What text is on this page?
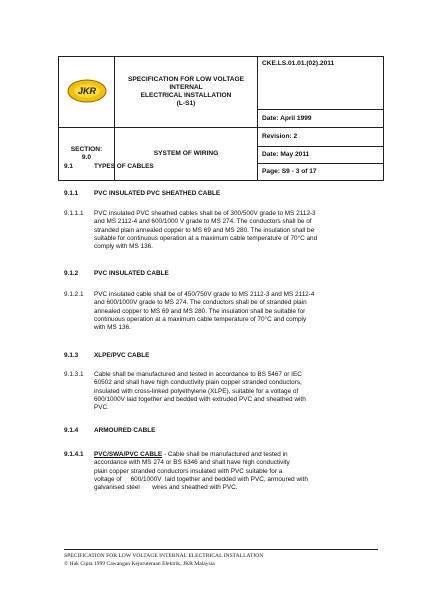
JKR	SPECIFICATION FOR LOW VOLTAGE
INTERNAL
ELECTRICAL INSTALLATION
(L-S1)	CKE.LS.01.01.(02).2011

		Date: April 1999

SECTION:
9.0	SYSTEM OF WIRING	Revision: 2
		Date: May 2011
		Page: S9 - 3 of 17
9.1	TYPES OF CABLES
9.1.1 PVC INSULATED PVC SHEATHED CABLE
9.1.1.1 PVC insulated PVC sheathed cables shall be of 300/500V grade to MS 2112-3
and MS 2112-4 and 600/1000 V grade to MS 274. The conductors shall be of
stranded plain annealed copper to MS 69 and MS 280. The insulation shall be
suitable for continuous operation at a maximum cable temperature of 70°C and
comply with MS 136.
9.1.2 PVC INSULATED CABLE
9.1.2.1 PVC insulated cable shall be of 450/750V grade to MS 2112-3 and MS 2112-4
and 600/1000V grade to MS 274. The conductors shall be of stranded plain
annealed copper to MS 69 and MS 280. The insulation shall be suitable for
continuous operation at a maximum cable temperature of 70°C and comply
with MS 136.
9.1.3 XLPE/PVC CABLE
9.1.3.1 Cable shall be manufactured and tested in accordance to BS 5467 or IEC
60502 and shall have high conductivity plain copper stranded conductors,
insulated with cross-linked polyethylene (XLPE), suitable for a voltage of
600/1000V laid together and bedded with extruded PVC and sheathed with
PVC.
9.1.4 ARMOURED CABLE
9.1.4.1 PVC/SWA/PVC CABLE - Cable shall be manufactured and tested in
accordance with MS 274 or BS 6346 and shall have high conductivity
plain copper stranded conductors insulated with PVC suitable for a
voltage of     600/1000V  laid together and bedded with PVC, armoured with
galvanised steel       wires and sheathed with PVC.
SPECIFICATION FOR LOW VOLTAGE INTERNAL ELECTRICAL INSTALLATION
© Hak Cipta 1999 Cawangan Kejuruteraan Elektrik, JKR Malaysia
